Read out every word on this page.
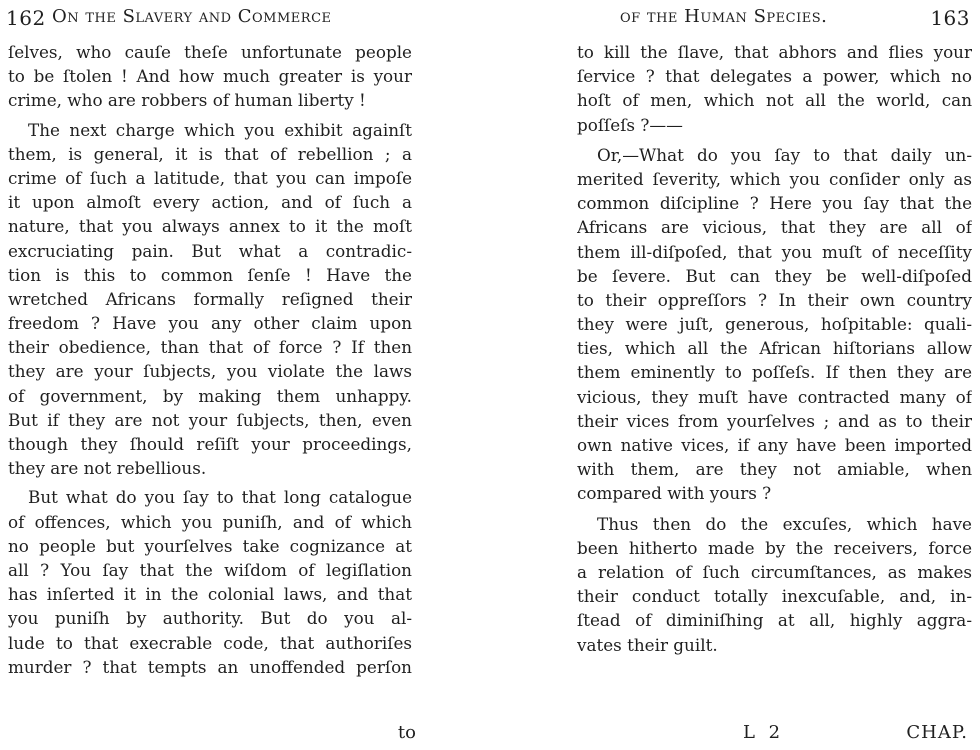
162 On the Slavery and Commerce
ſelves, who cauſe theſe unfortunate people
to be ſtolen ! And how much greater is your
crime, who are robbers of human liberty !
The next charge which you exhibit againſt
them, is general, it is that of rebellion ; a
crime of ſuch a latitude, that you can impoſe
it upon almoſt every action, and of ſuch a
nature, that you always annex to it the moſt
excruciating pain. But what a contradic-
tion is this to common ſenſe ! Have the
wretched Africans formally reſigned their
freedom ? Have you any other claim upon
their obedience, than that of force ? If then
they are your ſubjects, you violate the laws
of government, by making them unhappy.
But if they are not your ſubjects, then, even
though they ſhould reſiſt your proceedings,
they are not rebellious.
But what do you ſay to that long catalogue
of offences, which you puniſh, and of which
no people but yourſelves take cognizance at
all ? You ſay that the wiſdom of legiſlation
has inſerted it in the colonial laws, and that
you puniſh by authority. But do you al-
lude to that execrable code, that authoriſes
murder ? that tempts an unoffended perſon
to
of the Human Species.	163
to kill the ſlave, that abhors and flies your
ſervice ? that delegates a power, which no
hoſt of men, which not all the world, can
poſſeſs ?——
Or,—What do you ſay to that daily un-
merited ſeverity, which you conſider only as
common diſcipline ? Here you ſay that the
Africans are vicious, that they are all of
them ill-diſpoſed, that you muſt of neceſſity
be ſevere. But can they be well-diſpoſed
to their oppreſſors ? In their own country
they were juſt, generous, hoſpitable: quali-
ties, which all the African hiſtorians allow
them eminently to poſſeſs. If then they are
vicious, they muſt have contracted many of
their vices from yourſelves ; and as to their
own native vices, if any have been imported
with them, are they not amiable, when
compared with yours ?
Thus then do the excuſes, which have
been hitherto made by the receivers, force
a relation of ſuch circumſtances, as makes
their conduct totally inexcuſable, and, in-
ſtead of diminiſhing at all, highly aggra-
vates their guilt.
L 2	CHAP.
